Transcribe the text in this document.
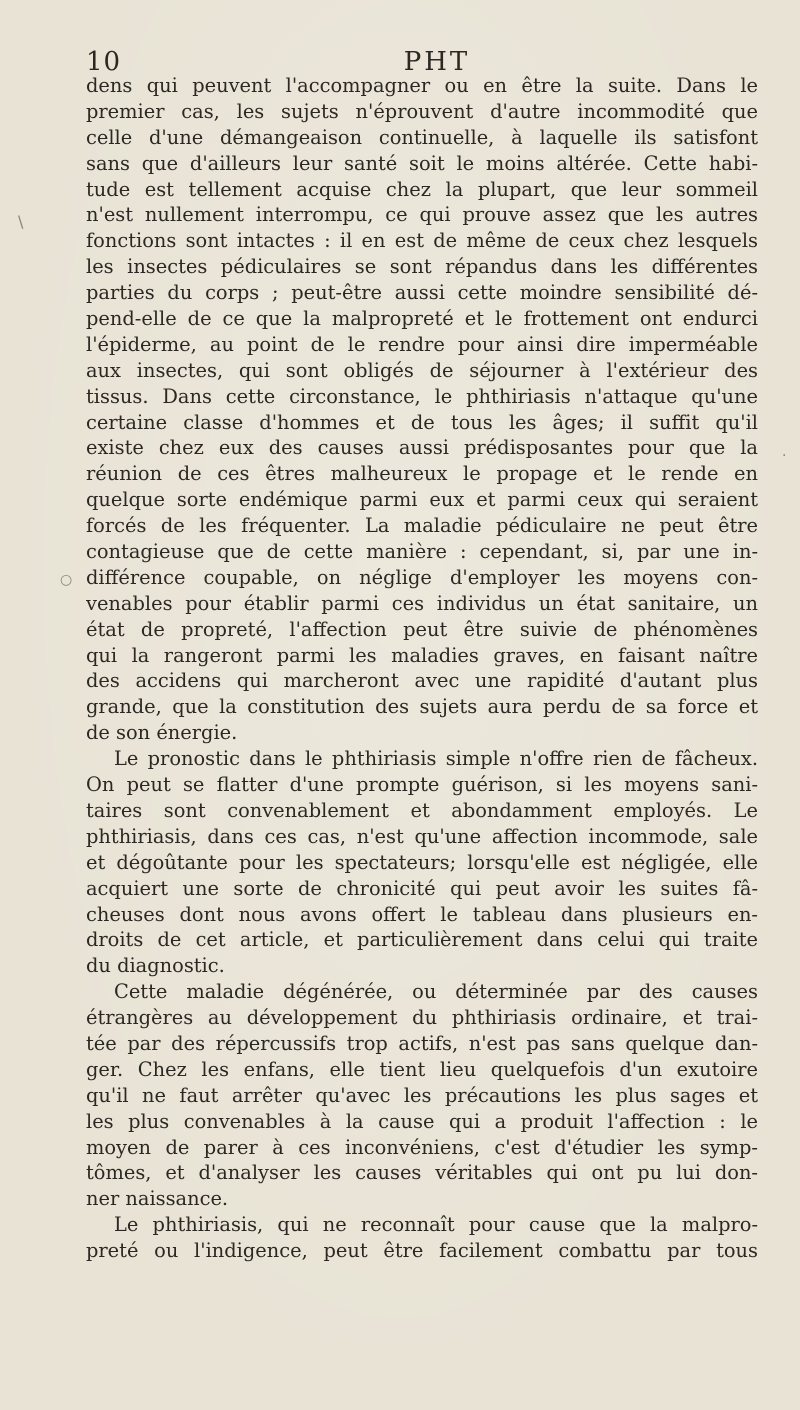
10	PHT
dens qui peuvent l'accompagner ou en être la suite. Dans le
premier cas, les sujets n'éprouvent d'autre incommodité que
celle d'une démangeaison continuelle, à laquelle ils satisfont
sans que d'ailleurs leur santé soit le moins altérée. Cette habi-
tude est tellement acquise chez la plupart, que leur sommeil
n'est nullement interrompu, ce qui prouve assez que les autres
fonctions sont intactes : il en est de même de ceux chez lesquels
les insectes pédiculaires se sont répandus dans les différentes
parties du corps ; peut-être aussi cette moindre sensibilité dé-
pend-elle de ce que la malpropreté et le frottement ont endurci
l'épiderme, au point de le rendre pour ainsi dire imperméable
aux insectes, qui sont obligés de séjourner à l'extérieur des
tissus. Dans cette circonstance, le phthiriasis n'attaque qu'une
certaine classe d'hommes et de tous les âges; il suffit qu'il
existe chez eux des causes aussi prédisposantes pour que la
réunion de ces êtres malheureux le propage et le rende en
quelque sorte endémique parmi eux et parmi ceux qui seraient
forcés de les fréquenter. La maladie pédiculaire ne peut être
contagieuse que de cette manière : cependant, si, par une in-
différence coupable, on néglige d'employer les moyens con-
venables pour établir parmi ces individus un état sanitaire, un
état de propreté, l'affection peut être suivie de phénomènes
qui la rangeront parmi les maladies graves, en faisant naître
des accidens qui marcheront avec une rapidité d'autant plus
grande, que la constitution des sujets aura perdu de sa force et
de son énergie.
Le pronostic dans le phthiriasis simple n'offre rien de fâcheux.
On peut se flatter d'une prompte guérison, si les moyens sani-
taires sont convenablement et abondamment employés. Le
phthiriasis, dans ces cas, n'est qu'une affection incommode, sale
et dégoûtante pour les spectateurs; lorsqu'elle est négligée, elle
acquiert une sorte de chronicité qui peut avoir les suites fâ-
cheuses dont nous avons offert le tableau dans plusieurs en-
droits de cet article, et particulièrement dans celui qui traite
du diagnostic.
Cette maladie dégénérée, ou déterminée par des causes
étrangères au développement du phthiriasis ordinaire, et trai-
tée par des répercussifs trop actifs, n'est pas sans quelque dan-
ger. Chez les enfans, elle tient lieu quelquefois d'un exutoire
qu'il ne faut arrêter qu'avec les précautions les plus sages et
les plus convenables à la cause qui a produit l'affection : le
moyen de parer à ces inconvéniens, c'est d'étudier les symp-
tômes, et d'analyser les causes véritables qui ont pu lui don-
ner naissance.
Le phthiriasis, qui ne reconnaît pour cause que la malpro-
preté ou l'indigence, peut être facilement combattu par tous
\
○
·
